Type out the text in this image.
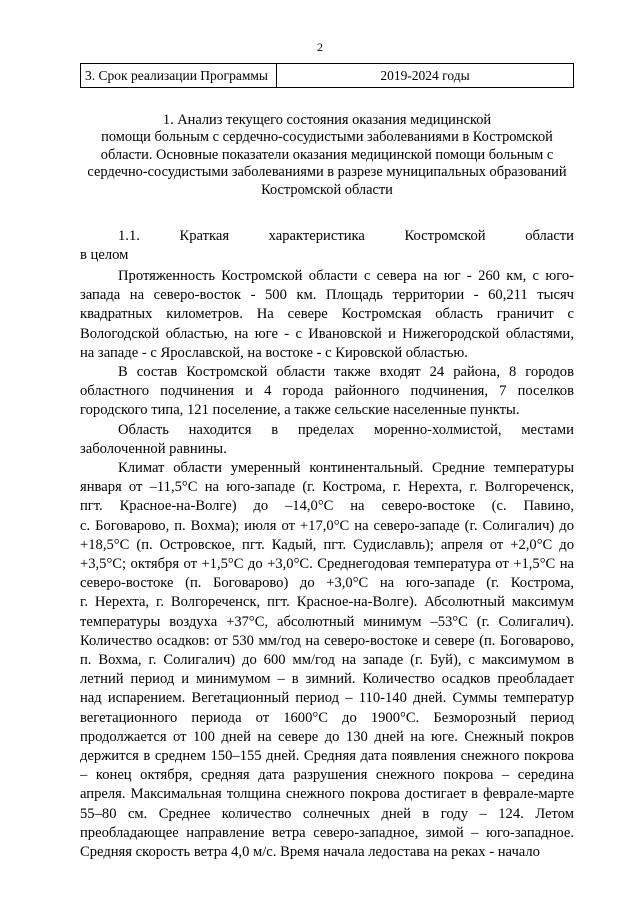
2
3. Срок реализации Программы	2019-2024 годы
1. Анализ текущего состояния оказания медицинской
помощи больным с сердечно-сосудистыми заболеваниями в Костромской
области. Основные показатели оказания медицинской помощи больным с
сердечно-сосудистыми заболеваниями в разрезе муниципальных образований
Костромской области
1.1.	Краткая	характеристика	Костромской	области
в целом

Протяженность Костромской области с севера на юг - 260 км, с юго-
запада на северо-восток - 500 км. Площадь территории - 60,211 тысяч
квадратных километров. На севере Костромская область граничит с
Вологодской областью, на юге - с Ивановской и Нижегородской областями,
на западе - с Ярославской, на востоке - с Кировской областью.

В состав Костромской области также входят 24 района, 8 городов
областного подчинения и 4 города районного подчинения, 7 поселков
городского типа, 121 поселение, а также сельские населенные пункты.

Область находится в пределах моренно-холмистой, местами
заболоченной равнины.

Климат области умеренный континентальный. Средние температуры
января от –11,5°С на юго-западе (г. Кострома, г. Нерехта, г. Волгореченск,
пгт. Красное-на-Волге) до –14,0°С на северо-востоке (с. Павино,
с. Боговарово, п. Вохма); июля от +17,0°С на северо-западе (г. Солигалич) до
+18,5°С (п. Островское, пгт. Кадый, пгт. Судиславль); апреля от +2,0°С до
+3,5°С; октября от +1,5°С до +3,0°С. Среднегодовая температура от +1,5°С на
северо-востоке (п. Боговарово) до +3,0°С на юго-западе (г. Кострома,
г. Нерехта, г. Волгореченск, пгт. Красное-на-Волге). Абсолютный максимум
температуры воздуха +37°С, абсолютный минимум –53°С (г. Солигалич).
Количество осадков: от 530 мм/год на северо-востоке и севере (п. Боговарово,
п. Вохма, г. Солигалич) до 600 мм/год на западе (г. Буй), с максимумом в
летний период и минимумом – в зимний. Количество осадков преобладает
над испарением. Вегетационный период – 110-140 дней. Суммы температур
вегетационного периода от 1600°С до 1900°С. Безморозный период
продолжается от 100 дней на севере до 130 дней на юге. Снежный покров
держится в среднем 150–155 дней. Средняя дата появления снежного покрова
– конец октября, средняя дата разрушения снежного покрова – середина
апреля. Максимальная толщина снежного покрова достигает в феврале-марте
55–80 см. Среднее количество солнечных дней в году – 124. Летом
преобладающее направление ветра северо-западное, зимой – юго-западное.
Средняя скорость ветра 4,0 м/с. Время начала ледостава на реках - начало
